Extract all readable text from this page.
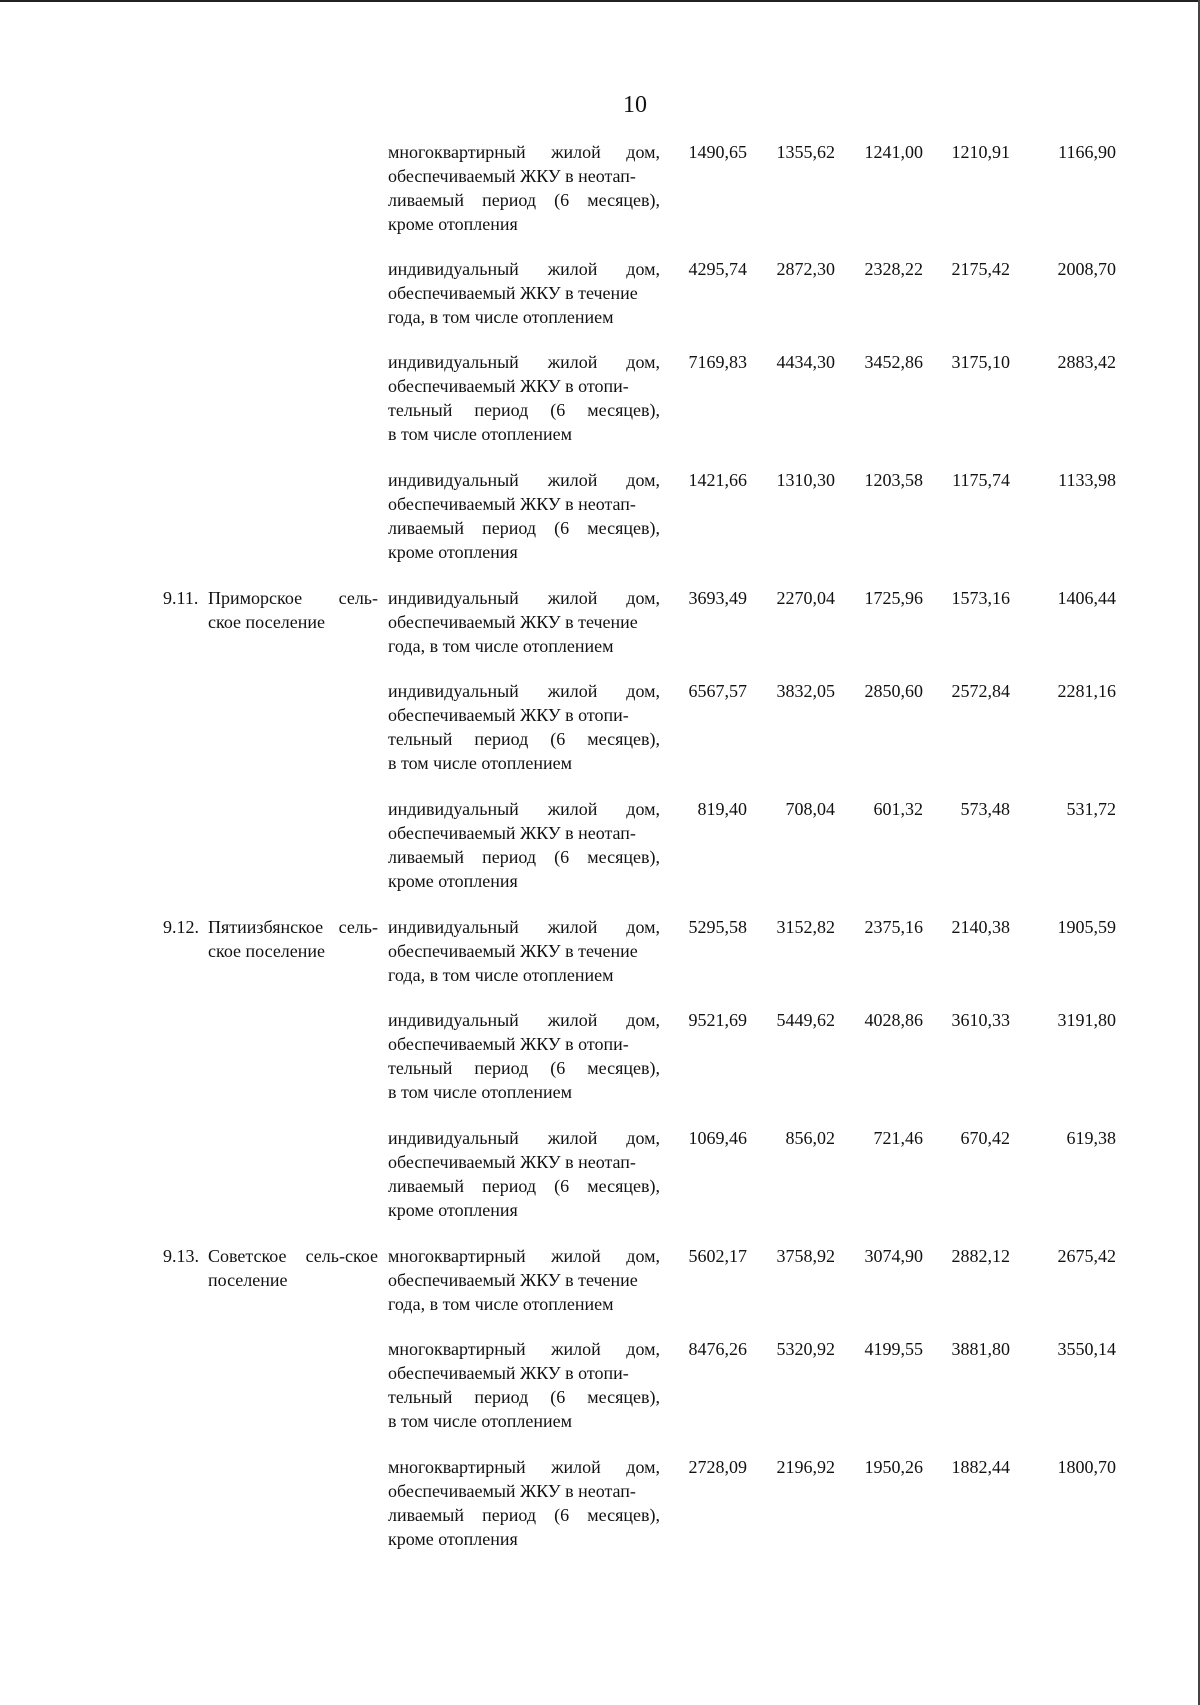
10
многоквартирный жилой дом,
обеспечиваемый ЖКУ в неотап-
ливаемый период (6 месяцев),
кроме отопления
1490,65	1355,62	1241,00	1210,91	1166,90
индивидуальный жилой дом,
обеспечиваемый ЖКУ в течение
года, в том числе отоплением
4295,74	2872,30	2328,22	2175,42	2008,70
индивидуальный жилой дом,
обеспечиваемый ЖКУ в отопи-
тельный период (6 месяцев),
в том числе отоплением
7169,83	4434,30	3452,86	3175,10	2883,42
индивидуальный жилой дом,
обеспечиваемый ЖКУ в неотап-
ливаемый период (6 месяцев),
кроме отопления
1421,66	1310,30	1203,58	1175,74	1133,98
9.11. Приморское сель-ское поселение
индивидуальный жилой дом,
обеспечиваемый ЖКУ в течение
года, в том числе отоплением
3693,49	2270,04	1725,96	1573,16	1406,44
индивидуальный жилой дом,
обеспечиваемый ЖКУ в отопи-
тельный период (6 месяцев),
в том числе отоплением
6567,57	3832,05	2850,60	2572,84	2281,16
индивидуальный жилой дом,
обеспечиваемый ЖКУ в неотап-
ливаемый период (6 месяцев),
кроме отопления
819,40	708,04	601,32	573,48	531,72
9.12. Пятиизбянское сель-ское поселение
индивидуальный жилой дом,
обеспечиваемый ЖКУ в течение
года, в том числе отоплением
5295,58	3152,82	2375,16	2140,38	1905,59
индивидуальный жилой дом,
обеспечиваемый ЖКУ в отопи-
тельный период (6 месяцев),
в том числе отоплением
9521,69	5449,62	4028,86	3610,33	3191,80
индивидуальный жилой дом,
обеспечиваемый ЖКУ в неотап-
ливаемый период (6 месяцев),
кроме отопления
1069,46	856,02	721,46	670,42	619,38
9.13. Советское сель-ское поселение
многоквартирный жилой дом,
обеспечиваемый ЖКУ в течение
года, в том числе отоплением
5602,17	3758,92	3074,90	2882,12	2675,42
многоквартирный жилой дом,
обеспечиваемый ЖКУ в отопи-
тельный период (6 месяцев),
в том числе отоплением
8476,26	5320,92	4199,55	3881,80	3550,14
многоквартирный жилой дом,
обеспечиваемый ЖКУ в неотап-
ливаемый период (6 месяцев),
кроме отопления
2728,09	2196,92	1950,26	1882,44	1800,70
